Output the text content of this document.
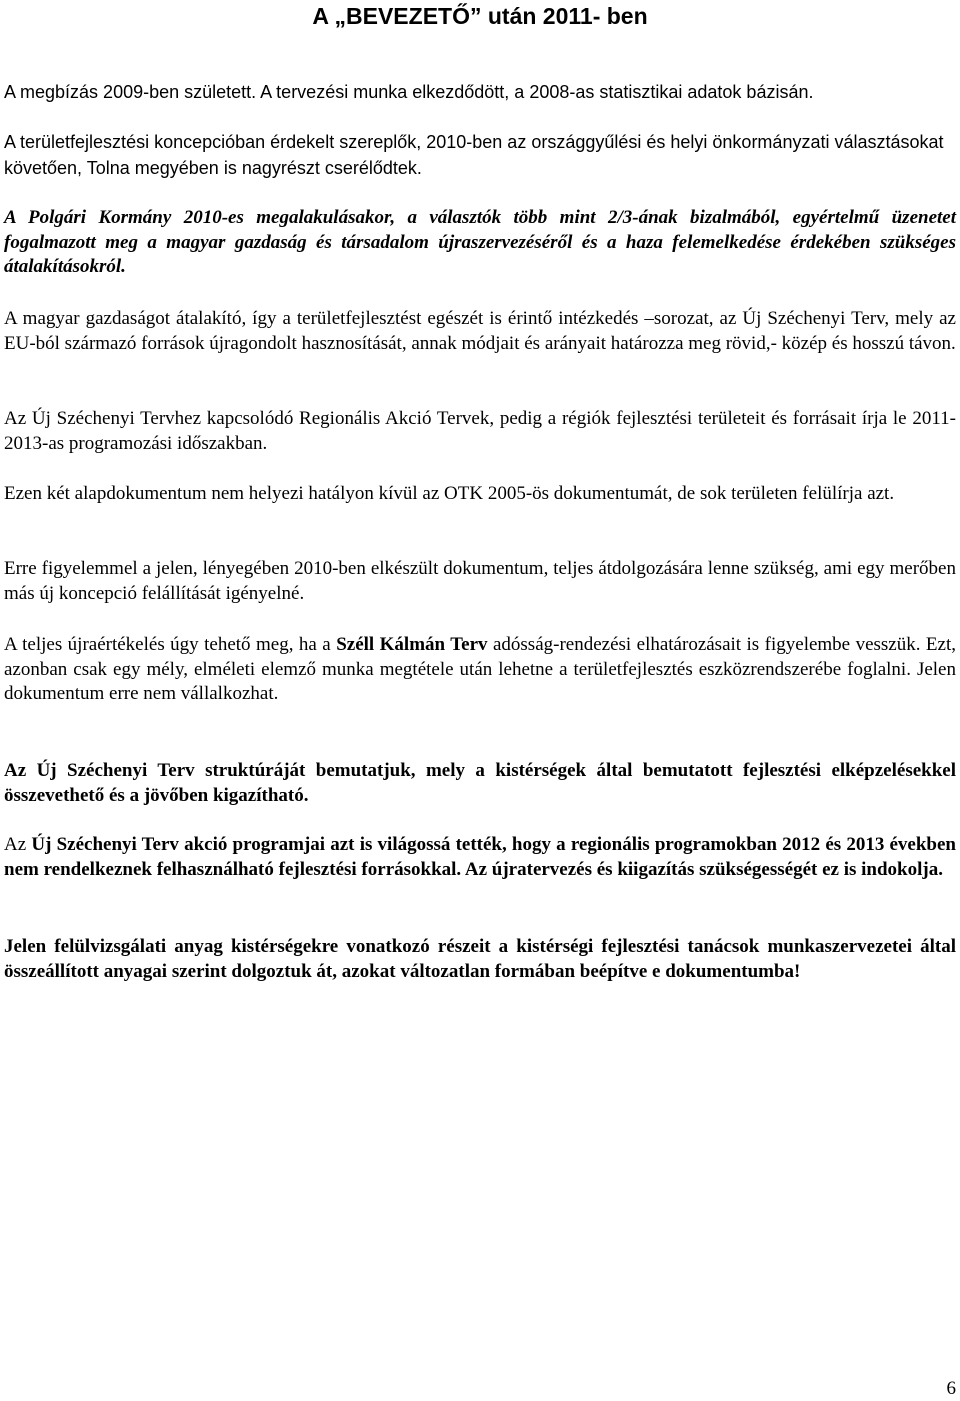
A „BEVEZETŐ” után 2011- ben

A megbízás 2009-ben született. A tervezési munka elkezdődött, a 2008-as statisztikai adatok bázisán.

A területfejlesztési koncepcióban érdekelt szereplők, 2010-ben az országgyűlési és helyi önkormányzati választásokat követően, Tolna megyében is nagyrészt cserélődtek.

A Polgári Kormány 2010-es megalakulásakor, a választók több mint 2/3-ának bizalmából, egyértelmű üzenetet fogalmazott meg a magyar gazdaság és társadalom újraszervezéséről és a haza felemelkedése érdekében szükséges átalakításokról.

A magyar gazdaságot átalakító, így a területfejlesztést egészét is érintő intézkedés –sorozat, az Új Széchenyi Terv, mely az EU-ból származó források újragondolt hasznosítását, annak módjait és arányait határozza meg rövid,- közép és hosszú távon.

Az Új Széchenyi Tervhez kapcsolódó Regionális Akció Tervek, pedig a régiók fejlesztési területeit és forrásait írja le 2011-2013-as programozási időszakban.

Ezen két alapdokumentum nem helyezi hatályon kívül az OTK 2005-ös dokumentumát, de sok területen felülírja azt.

Erre figyelemmel a jelen, lényegében 2010-ben elkészült dokumentum, teljes átdolgozására lenne szükség, ami egy merőben más új koncepció felállítását igényelné.

A teljes újraértékelés úgy tehető meg, ha a Széll Kálmán Terv adósság-rendezési elhatározásait is figyelembe vesszük. Ezt, azonban csak egy mély, elméleti elemző munka megtétele után lehetne a területfejlesztés eszközrendszerébe foglalni. Jelen dokumentum erre nem vállalkozhat.

Az Új Széchenyi Terv struktúráját bemutatjuk, mely a kistérségek által bemutatott fejlesztési elképzelésekkel összevethető és a jövőben kigazítható.

Az Új Széchenyi Terv akció programjai azt is világossá tették, hogy a regionális programokban 2012 és 2013 években nem rendelkeznek felhasználható fejlesztési forrásokkal. Az újratervezés és kiigazítás szükségességét ez is indokolja.

Jelen felülvizsgálati anyag kistérségekre vonatkozó részeit a kistérségi fejlesztési tanácsok munkaszervezetei által összeállított anyagai szerint dolgoztuk át, azokat változatlan formában beépítve e dokumentumba!

6
